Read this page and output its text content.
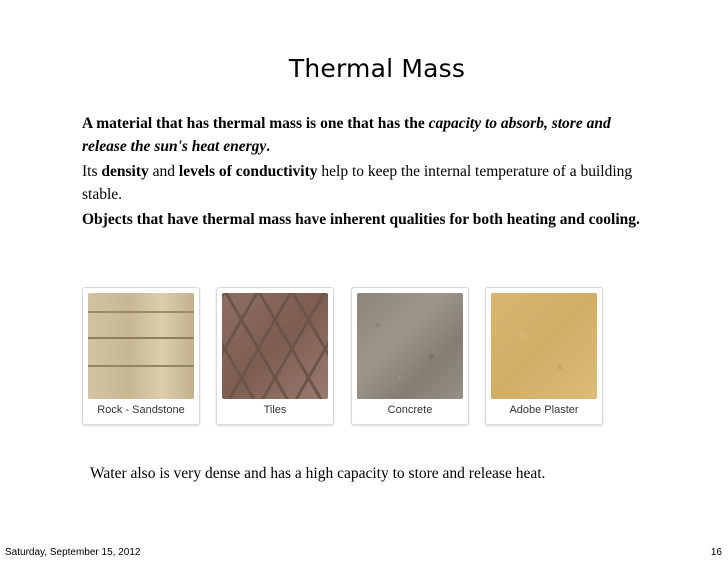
Thermal Mass
A material that has thermal mass is one that has the capacity to absorb, store and release the sun's heat energy.
Its density and levels of conductivity help to keep the internal temperature of a building stable.
Objects that have thermal mass have inherent qualities for both heating and cooling.
Rock - Sandstone	Tiles	Concrete	Adobe Plaster
Water also is very dense and has a high capacity to store and release heat.
Saturday, September 15, 2012	16
